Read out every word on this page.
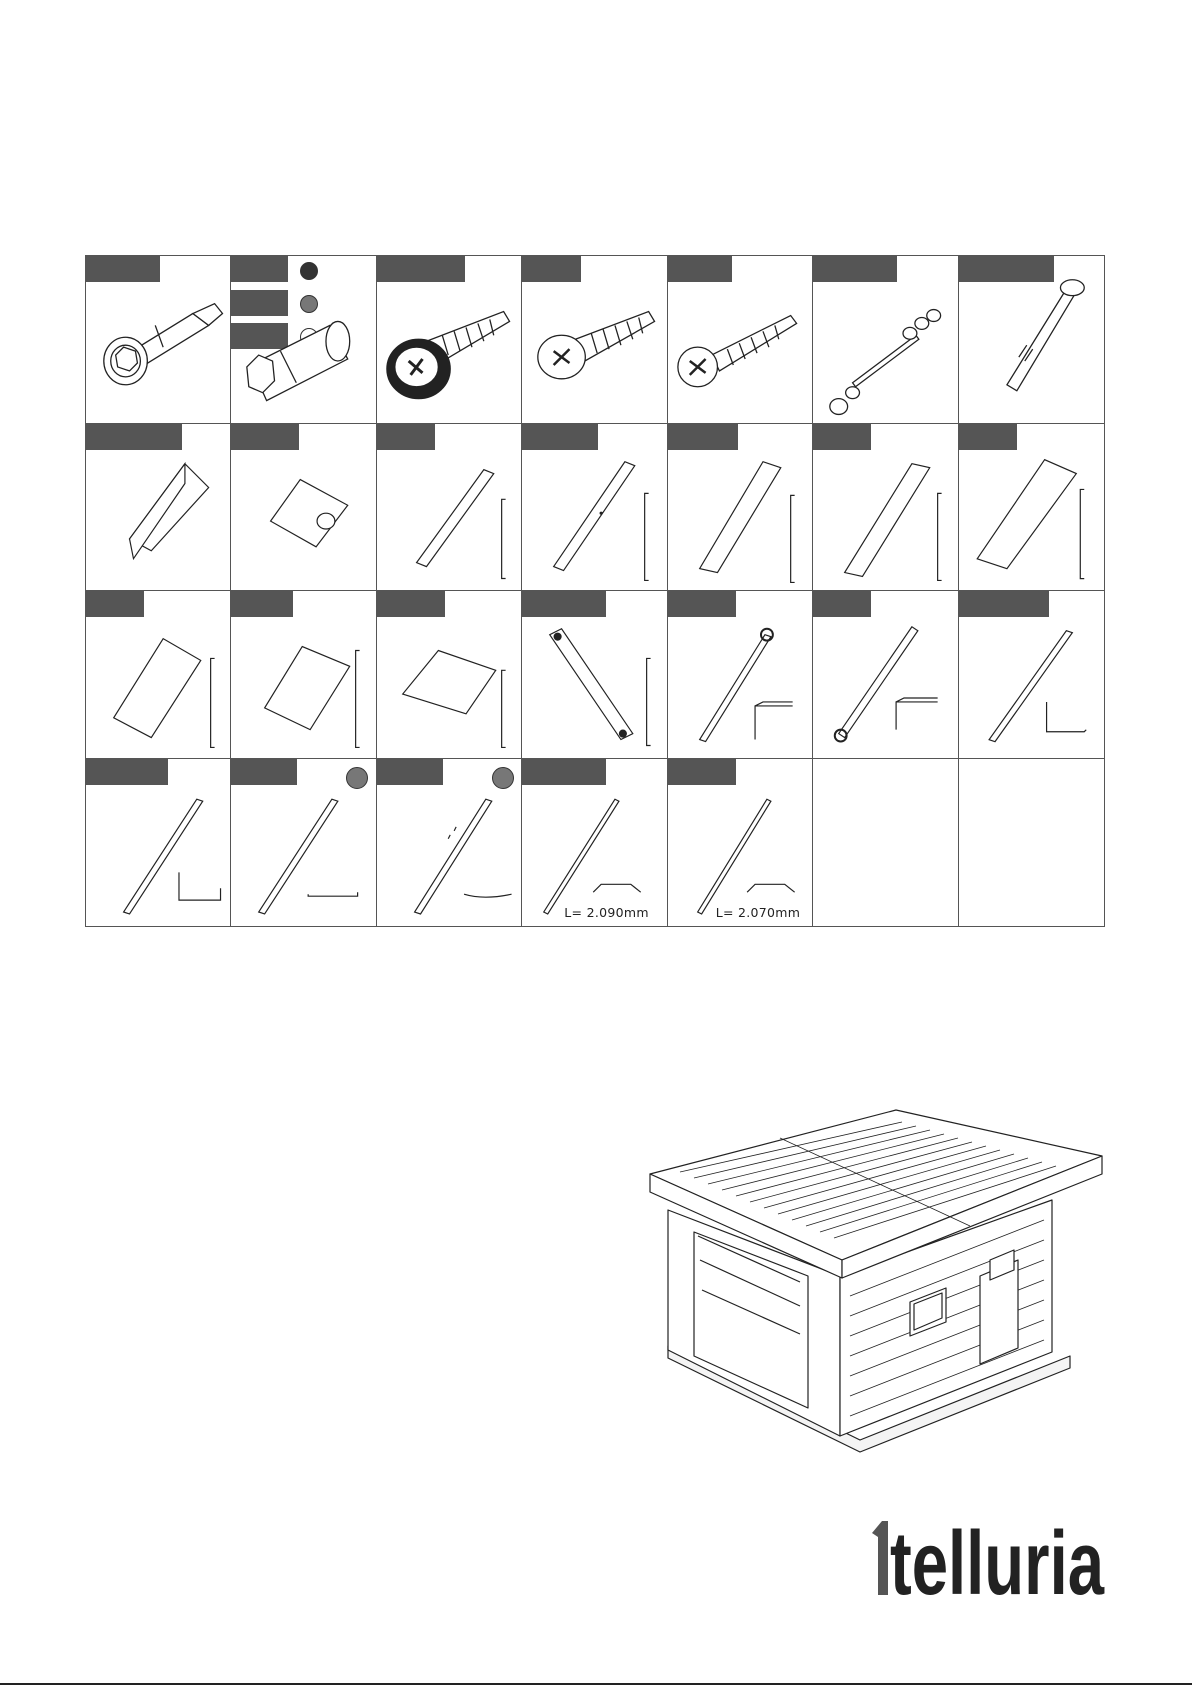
L= 2.090mm	L= 2.070mm
telluria
